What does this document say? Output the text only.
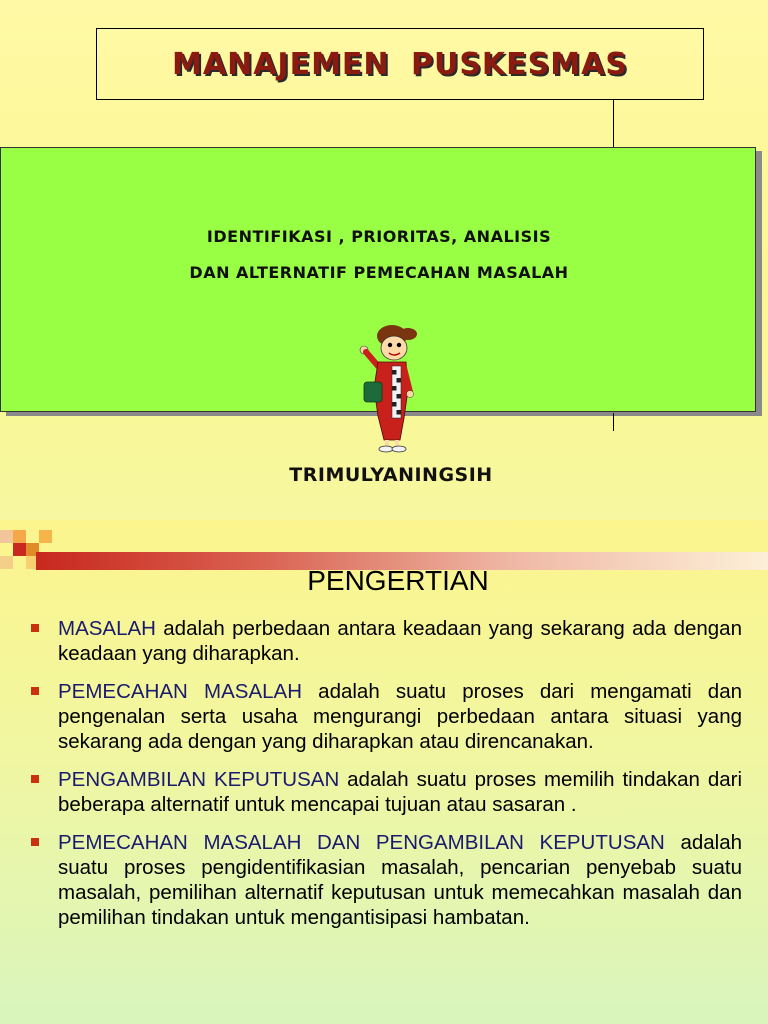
MANAJEMEN PUSKESMAS
IDENTIFIKASI , PRIORITAS, ANALISIS
DAN ALTERNATIF PEMECAHAN MASALAH
TRIMULYANINGSIH
PENGERTIAN
MASALAH adalah perbedaan antara keadaan yang sekarang ada dengan keadaan yang diharapkan.
PEMECAHAN MASALAH adalah suatu proses dari mengamati dan pengenalan serta usaha mengurangi perbedaan antara situasi yang sekarang ada dengan yang diharapkan atau direncanakan.
PENGAMBILAN KEPUTUSAN adalah suatu proses memilih tindakan dari beberapa alternatif untuk mencapai tujuan atau sasaran .
PEMECAHAN MASALAH DAN PENGAMBILAN KEPUTUSAN adalah suatu proses pengidentifikasian masalah, pencarian penyebab suatu masalah, pemilihan alternatif keputusan untuk memecahkan masalah dan pemilihan tindakan untuk mengantisipasi hambatan.
